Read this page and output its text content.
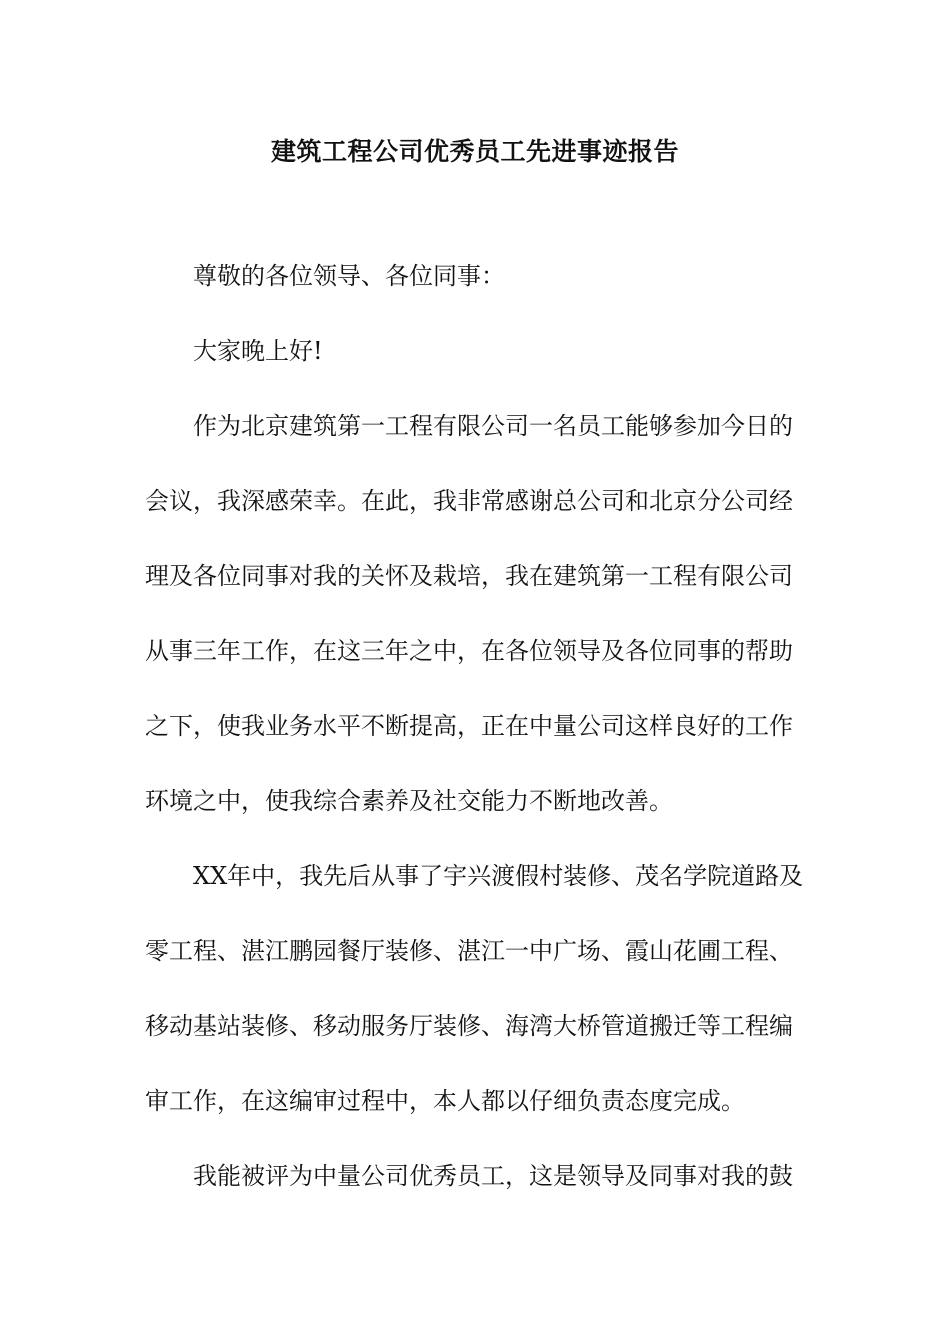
建筑工程公司优秀员工先进事迹报告

尊敬的各位领导、各位同事：

大家晚上好!

作为北京建筑第一工程有限公司一名员工能够参加今日的

会议，我深感荣幸。在此，我非常感谢总公司和北京分公司经

理及各位同事对我的关怀及栽培，我在建筑第一工程有限公司

从事三年工作，在这三年之中，在各位领导及各位同事的帮助

之下，使我业务水平不断提高，正在中量公司这样良好的工作

环境之中，使我综合素养及社交能力不断地改善。

XX年中，我先后从事了宇兴渡假村装修、茂名学院道路及

零工程、湛江鹏园餐厅装修、湛江一中广场、霞山花圃工程、

移动基站装修、移动服务厅装修、海湾大桥管道搬迁等工程编

审工作，在这编审过程中，本人都以仔细负责态度完成。

我能被评为中量公司优秀员工，这是领导及同事对我的鼓
